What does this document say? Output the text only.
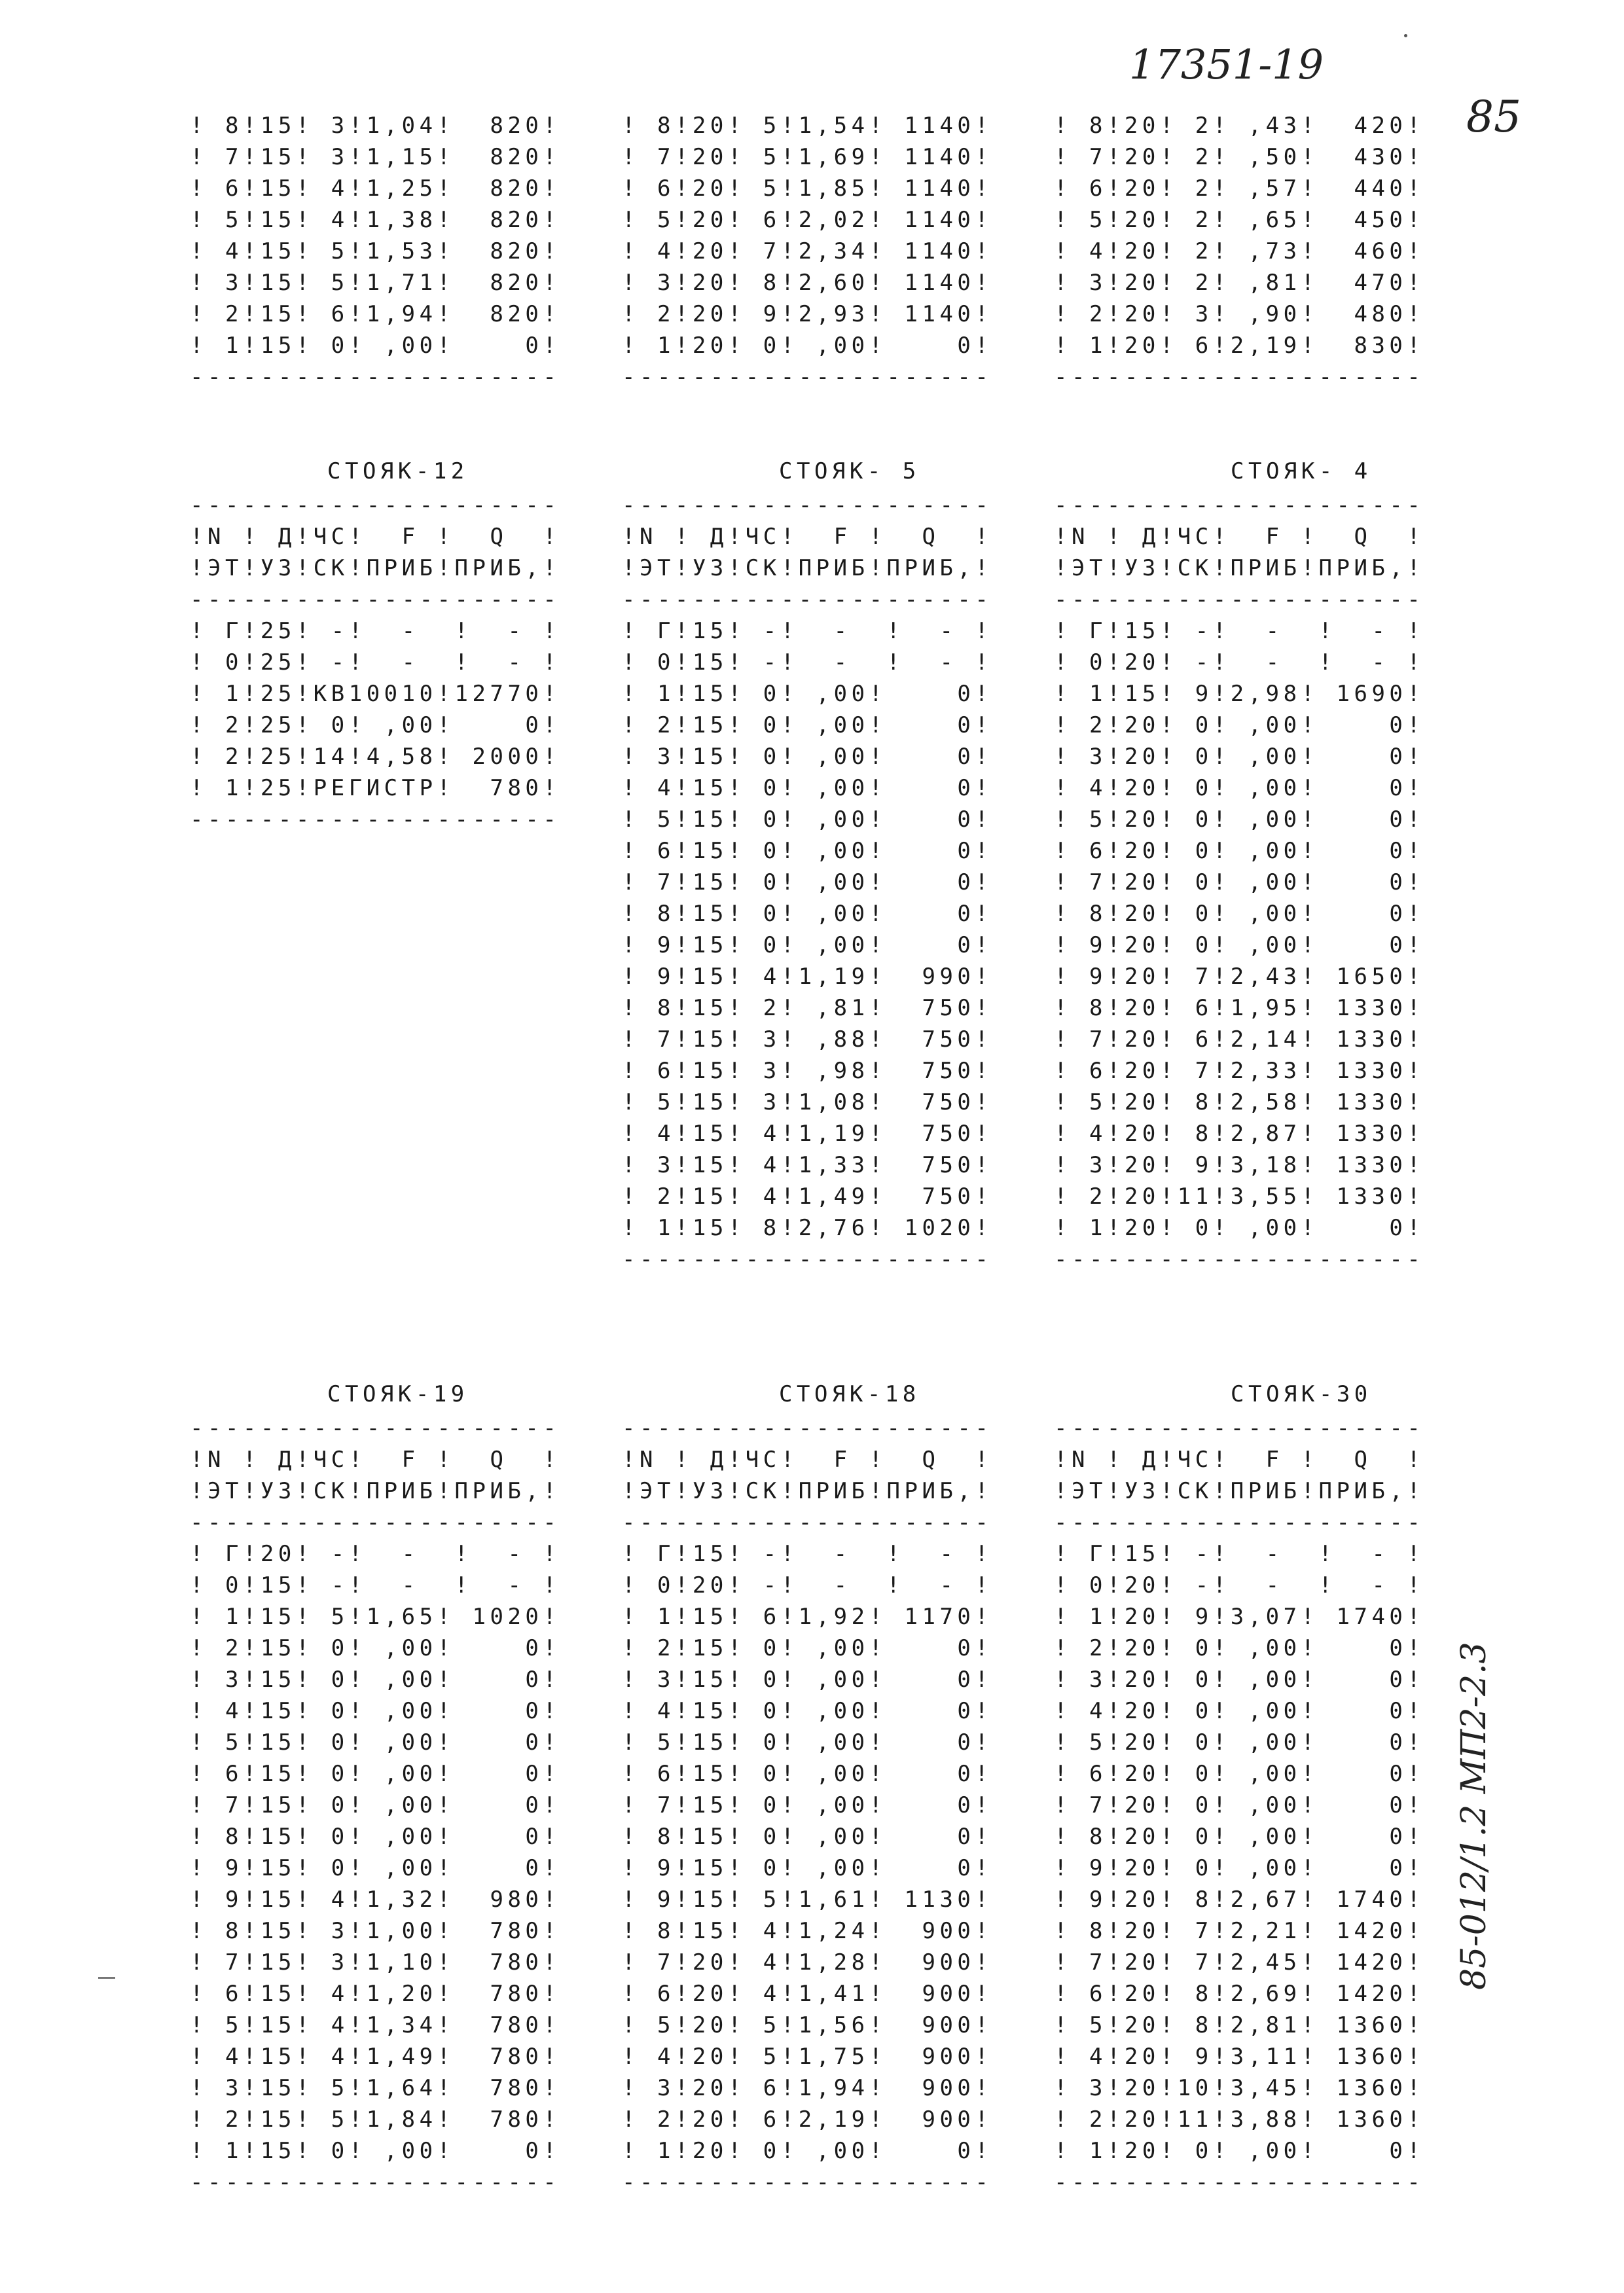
17351-19
85
85-012/1.2 МП2-2.3
! 8!15! 3!1,04!  820!
! 7!15! 3!1,15!  820!
! 6!15! 4!1,25!  820!
! 5!15! 4!1,38!  820!
! 4!15! 5!1,53!  820!
! 3!15! 5!1,71!  820!
! 2!15! 6!1,94!  820!
! 1!15! 0! ,00!    0!
---------------------
! 8!20! 5!1,54! 1140!
! 7!20! 5!1,69! 1140!
! 6!20! 5!1,85! 1140!
! 5!20! 6!2,02! 1140!
! 4!20! 7!2,34! 1140!
! 3!20! 8!2,60! 1140!
! 2!20! 9!2,93! 1140!
! 1!20! 0! ,00!    0!
---------------------
! 8!20! 2! ,43!  420!
! 7!20! 2! ,50!  430!
! 6!20! 2! ,57!  440!
! 5!20! 2! ,65!  450!
! 4!20! 2! ,73!  460!
! 3!20! 2! ,81!  470!
! 2!20! 3! ,90!  480!
! 1!20! 6!2,19!  830!
---------------------
СТОЯК-12	СТОЯК- 5	СТОЯК- 4
---------------------
!N ! Д!ЧС!  F !  Q  !
!ЭТ!УЗ!СК!ПРИБ!ПРИБ,!
---------------------
! Г!25! -!  -  !  - !
! 0!25! -!  -  !  - !
! 1!25!КВ10010!12770!
! 2!25! 0! ,00!    0!
! 2!25!14!4,58! 2000!
! 1!25!РЕГИСТР!  780!
---------------------
---------------------
!N ! Д!ЧС!  F !  Q  !
!ЭТ!УЗ!СК!ПРИБ!ПРИБ,!
---------------------
! Г!15! -!  -  !  - !
! 0!15! -!  -  !  - !
! 1!15! 0! ,00!    0!
! 2!15! 0! ,00!    0!
! 3!15! 0! ,00!    0!
! 4!15! 0! ,00!    0!
! 5!15! 0! ,00!    0!
! 6!15! 0! ,00!    0!
! 7!15! 0! ,00!    0!
! 8!15! 0! ,00!    0!
! 9!15! 0! ,00!    0!
! 9!15! 4!1,19!  990!
! 8!15! 2! ,81!  750!
! 7!15! 3! ,88!  750!
! 6!15! 3! ,98!  750!
! 5!15! 3!1,08!  750!
! 4!15! 4!1,19!  750!
! 3!15! 4!1,33!  750!
! 2!15! 4!1,49!  750!
! 1!15! 8!2,76! 1020!
---------------------
---------------------
!N ! Д!ЧС!  F !  Q  !
!ЭТ!УЗ!СК!ПРИБ!ПРИБ,!
---------------------
! Г!15! -!  -  !  - !
! 0!20! -!  -  !  - !
! 1!15! 9!2,98! 1690!
! 2!20! 0! ,00!    0!
! 3!20! 0! ,00!    0!
! 4!20! 0! ,00!    0!
! 5!20! 0! ,00!    0!
! 6!20! 0! ,00!    0!
! 7!20! 0! ,00!    0!
! 8!20! 0! ,00!    0!
! 9!20! 0! ,00!    0!
! 9!20! 7!2,43! 1650!
! 8!20! 6!1,95! 1330!
! 7!20! 6!2,14! 1330!
! 6!20! 7!2,33! 1330!
! 5!20! 8!2,58! 1330!
! 4!20! 8!2,87! 1330!
! 3!20! 9!3,18! 1330!
! 2!20!11!3,55! 1330!
! 1!20! 0! ,00!    0!
---------------------
СТОЯК-19	СТОЯК-18	СТОЯК-30
---------------------
!N ! Д!ЧС!  F !  Q  !
!ЭТ!УЗ!СК!ПРИБ!ПРИБ,!
---------------------
! Г!20! -!  -  !  - !
! 0!15! -!  -  !  - !
! 1!15! 5!1,65! 1020!
! 2!15! 0! ,00!    0!
! 3!15! 0! ,00!    0!
! 4!15! 0! ,00!    0!
! 5!15! 0! ,00!    0!
! 6!15! 0! ,00!    0!
! 7!15! 0! ,00!    0!
! 8!15! 0! ,00!    0!
! 9!15! 0! ,00!    0!
! 9!15! 4!1,32!  980!
! 8!15! 3!1,00!  780!
! 7!15! 3!1,10!  780!
! 6!15! 4!1,20!  780!
! 5!15! 4!1,34!  780!
! 4!15! 4!1,49!  780!
! 3!15! 5!1,64!  780!
! 2!15! 5!1,84!  780!
! 1!15! 0! ,00!    0!
---------------------
---------------------
!N ! Д!ЧС!  F !  Q  !
!ЭТ!УЗ!СК!ПРИБ!ПРИБ,!
---------------------
! Г!15! -!  -  !  - !
! 0!20! -!  -  !  - !
! 1!15! 6!1,92! 1170!
! 2!15! 0! ,00!    0!
! 3!15! 0! ,00!    0!
! 4!15! 0! ,00!    0!
! 5!15! 0! ,00!    0!
! 6!15! 0! ,00!    0!
! 7!15! 0! ,00!    0!
! 8!15! 0! ,00!    0!
! 9!15! 0! ,00!    0!
! 9!15! 5!1,61! 1130!
! 8!15! 4!1,24!  900!
! 7!20! 4!1,28!  900!
! 6!20! 4!1,41!  900!
! 5!20! 5!1,56!  900!
! 4!20! 5!1,75!  900!
! 3!20! 6!1,94!  900!
! 2!20! 6!2,19!  900!
! 1!20! 0! ,00!    0!
---------------------
---------------------
!N ! Д!ЧС!  F !  Q  !
!ЭТ!УЗ!СК!ПРИБ!ПРИБ,!
---------------------
! Г!15! -!  -  !  - !
! 0!20! -!  -  !  - !
! 1!20! 9!3,07! 1740!
! 2!20! 0! ,00!    0!
! 3!20! 0! ,00!    0!
! 4!20! 0! ,00!    0!
! 5!20! 0! ,00!    0!
! 6!20! 0! ,00!    0!
! 7!20! 0! ,00!    0!
! 8!20! 0! ,00!    0!
! 9!20! 0! ,00!    0!
! 9!20! 8!2,67! 1740!
! 8!20! 7!2,21! 1420!
! 7!20! 7!2,45! 1420!
! 6!20! 8!2,69! 1420!
! 5!20! 8!2,81! 1360!
! 4!20! 9!3,11! 1360!
! 3!20!10!3,45! 1360!
! 2!20!11!3,88! 1360!
! 1!20! 0! ,00!    0!
---------------------
